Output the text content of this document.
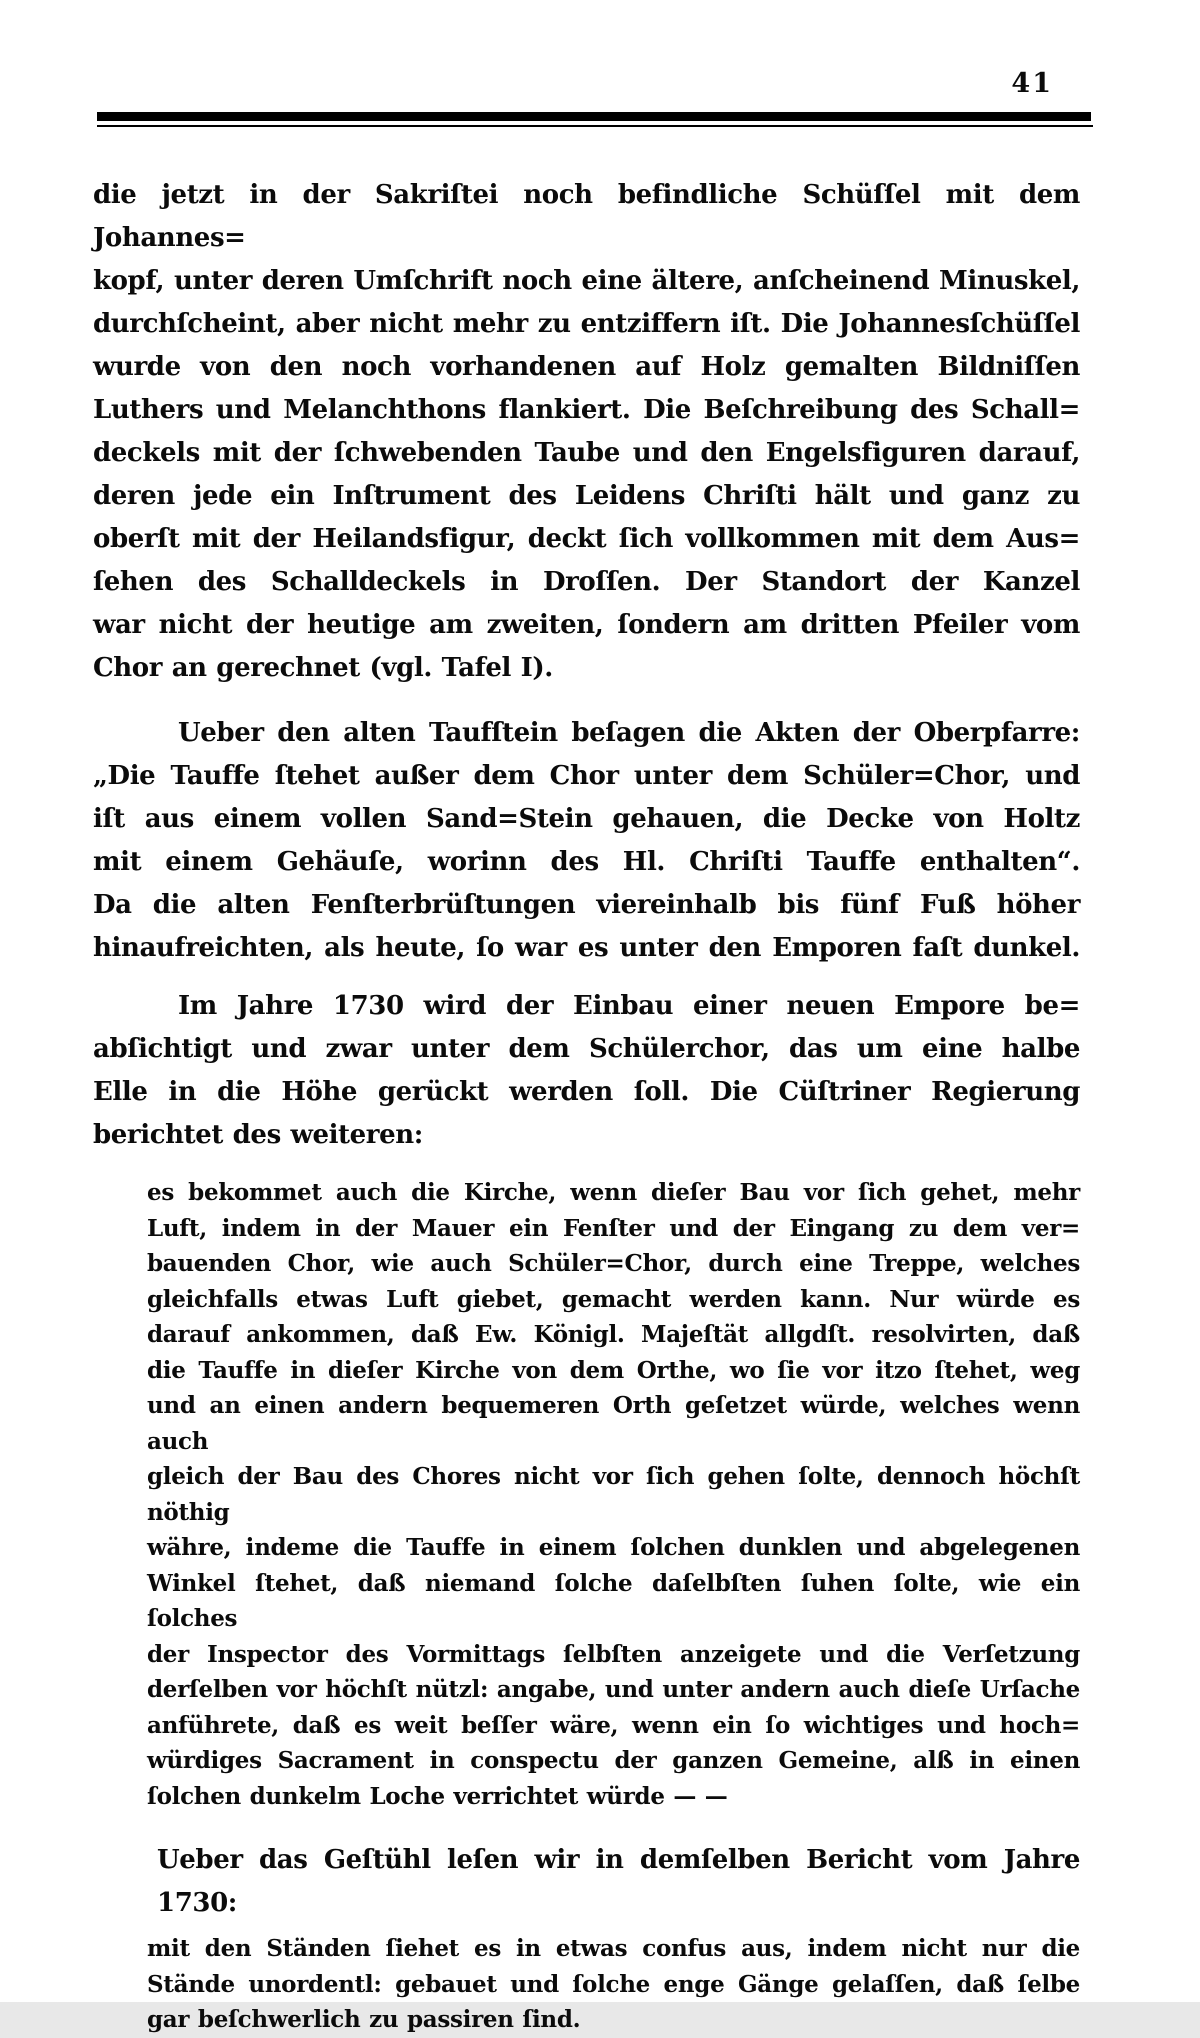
41
die jetzt in der Sakriſtei noch befindliche Schüſſel mit dem Johannes=
kopf, unter deren Umſchrift noch eine ältere, anſcheinend Minuskel,
durchſcheint, aber nicht mehr zu entziffern iſt. Die Johannesſchüſſel
wurde von den noch vorhandenen auf Holz gemalten Bildniſſen
Luthers und Melanchthons flankiert. Die Beſchreibung des Schall=
deckels mit der ſchwebenden Taube und den Engelsfiguren darauf,
deren jede ein Inſtrument des Leidens Chriſti hält und ganz zu
oberſt mit der Heilandsfigur, deckt ſich vollkommen mit dem Aus=
ſehen des Schalldeckels in Droſſen. Der Standort der Kanzel
war nicht der heutige am zweiten, ſondern am dritten Pfeiler vom
Chor an gerechnet (vgl. Tafel I).
Ueber den alten Taufſtein beſagen die Akten der Oberpfarre:
„Die Tauffe ſtehet außer dem Chor unter dem Schüler=Chor, und
iſt aus einem vollen Sand=Stein gehauen, die Decke von Holtz
mit einem Gehäuſe, worinn des Hl. Chriſti Tauffe enthalten“.
Da die alten Fenſterbrüſtungen viereinhalb bis fünf Fuß höher
hinaufreichten, als heute, ſo war es unter den Emporen faſt dunkel.
Im Jahre 1730 wird der Einbau einer neuen Empore be=
abſichtigt und zwar unter dem Schülerchor, das um eine halbe
Elle in die Höhe gerückt werden ſoll. Die Cüſtriner Regierung
berichtet des weiteren:
es bekommet auch die Kirche, wenn dieſer Bau vor ſich gehet, mehr
Luft, indem in der Mauer ein Fenſter und der Eingang zu dem ver=
bauenden Chor, wie auch Schüler=Chor, durch eine Treppe, welches
gleichfalls etwas Luft giebet, gemacht werden kann. Nur würde es
darauf ankommen, daß Ew. Königl. Majeſtät allgdſt. resolvirten, daß
die Tauffe in dieſer Kirche von dem Orthe, wo ſie vor itzo ſtehet, weg
und an einen andern bequemeren Orth geſetzet würde, welches wenn auch
gleich der Bau des Chores nicht vor ſich gehen ſolte, dennoch höchſt nöthig
währe, indeme die Tauffe in einem ſolchen dunklen und abgelegenen
Winkel ſtehet, daß niemand ſolche daſelbſten ſuhen ſolte, wie ein ſolches
der Inspector des Vormittags ſelbſten anzeigete und die Verſetzung
derſelben vor höchſt nützl: angabe, und unter andern auch dieſe Urſache
anführete, daß es weit beſſer wäre, wenn ein ſo wichtiges und hoch=
würdiges Sacrament in conspectu der ganzen Gemeine, alß in einen
ſolchen dunkelm Loche verrichtet würde — —
Ueber das Geſtühl leſen wir in demſelben Bericht vom Jahre 1730:
mit den Ständen ſiehet es in etwas confus aus, indem nicht nur die
Stände unordentl: gebauet und ſolche enge Gänge gelaſſen, daß ſelbe
gar beſchwerlich zu passiren ſind.
